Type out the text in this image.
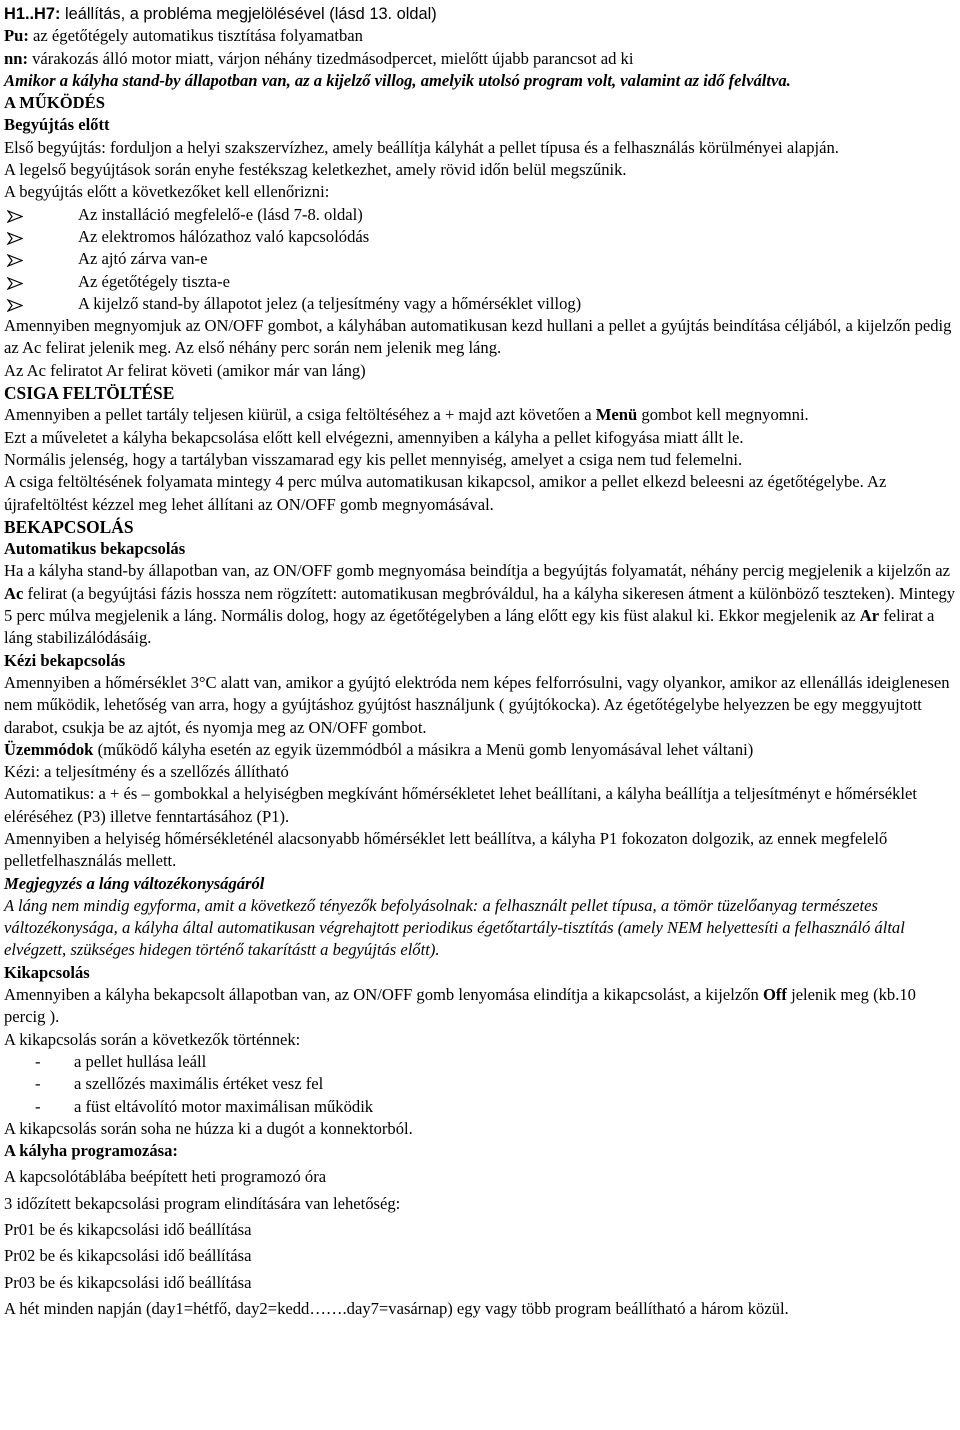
H1..H7: leállítás, a probléma megjelölésével (lásd 13. oldal)

Pu: az égetőtégely automatikus tisztítása folyamatban

nn: várakozás álló motor miatt, várjon néhány tizedmásodpercet, mielőtt újabb parancsot ad ki

Amikor a kályha stand-by állapotban van, az a kijelző villog, amelyik utolsó program volt, valamint az idő felváltva.

A MŰKÖDÉS

Begyújtás előtt

Első begyújtás: forduljon a helyi szakszervízhez, amely beállítja kályhát a pellet típusa és a felhasználás körülményei alapján.

A legelső begyújtások során enyhe festékszag keletkezhet, amely rövid időn belül megszűnik.

A begyújtás előtt a következőket kell ellenőrizni:

Az installáció megfelelő-e (lásd 7-8. oldal)

Az elektromos hálózathoz való kapcsolódás

Az ajtó zárva van-e

Az égetőtégely tiszta-e

A kijelző stand-by állapotot jelez (a teljesítmény vagy a hőmérséklet villog)

Amennyiben megnyomjuk az ON/OFF gombot, a kályhában automatikusan kezd hullani a pellet a gyújtás beindítása céljából, a kijelzőn pedig az Ac felirat jelenik meg. Az első néhány perc során nem jelenik meg láng.

Az Ac feliratot Ar felirat követi (amikor már van láng)

CSIGA FELTÖLTÉSE

Amennyiben a pellet tartály teljesen kiürül, a csiga feltöltéséhez a + majd azt követően a Menü gombot kell megnyomni.

Ezt a műveletet a kályha bekapcsolása előtt kell elvégezni, amennyiben a kályha a pellet kifogyása miatt állt le.

Normális jelenség, hogy a tartályban visszamarad egy kis pellet mennyiség, amelyet a csiga nem tud felemelni.

A csiga feltöltésének folyamata mintegy 4 perc múlva automatikusan kikapcsol, amikor a pellet elkezd beleesni az égetőtégelybe. Az újrafeltöltést kézzel meg lehet állítani az ON/OFF gomb megnyomásával.

BEKAPCSOLÁS

Automatikus bekapcsolás

Ha a kályha stand-by állapotban van, az ON/OFF gomb megnyomása beindítja a begyújtás folyamatát, néhány percig megjelenik a kijelzőn az Ac felirat (a begyújtási fázis hossza nem rögzített: automatikusan megbróváldul, ha a kályha sikeresen átment a különböző teszteken). Mintegy 5 perc múlva megjelenik a láng. Normális dolog, hogy az égetőtégelyben a láng előtt egy kis füst alakul ki. Ekkor megjelenik az Ar felirat a láng stabilizálódásáig.

Kézi bekapcsolás

Amennyiben a hőmérséklet 3°C alatt van, amikor a gyújtó elektróda nem képes felforrósulni, vagy olyankor, amikor az ellenállás ideiglenesen nem működik, lehetőség van arra, hogy a gyújtáshoz gyújtóst használjunk ( gyújtókocka). Az égetőtégelybe helyezzen be egy meggyujtott darabot, csukja be az ajtót, és nyomja meg az ON/OFF gombot.

Üzemmódok (működő kályha esetén az egyik üzemmódból a másikra a Menü gomb lenyomásával lehet váltani)

Kézi: a teljesítmény és a szellőzés állítható

Automatikus: a + és – gombokkal a helyiségben megkívánt hőmérsékletet lehet beállítani, a kályha beállítja a teljesítményt e hőmérséklet eléréséhez (P3) illetve fenntartásához (P1).

Amennyiben a helyiség hőmérsékleténél alacsonyabb hőmérséklet lett beállítva, a kályha P1 fokozaton dolgozik, az ennek megfelelő pelletfelhasználás mellett.

Megjegyzés a láng változékonyságáról

A láng nem mindig egyforma, amit a következő tényezők befolyásolnak: a felhasznált pellet típusa, a tömör tüzelőanyag természetes változékonysága, a kályha által automatikusan végrehajtott periodikus égetőtartály-tisztítás (amely NEM helyettesíti a felhasználó által elvégzett, szükséges hidegen történő takarítástt a begyújtás előtt).

Kikapcsolás

Amennyiben a kályha bekapcsolt állapotban van, az ON/OFF gomb lenyomása elindítja a kikapcsolást, a kijelzőn Off jelenik meg (kb.10 percig ).

A kikapcsolás során a következők történnek:

- a pellet hullása leáll

- a szellőzés maximális értéket vesz fel

- a füst eltávolító motor maximálisan működik

A kikapcsolás során soha ne húzza ki a dugót a konnektorból.

A kályha programozása:

A kapcsolótáblába beépített heti programozó óra

3 időzített bekapcsolási program elindítására van lehetőség:

Pr01 be és kikapcsolási idő beállítása

Pr02 be és kikapcsolási idő beállítása

Pr03 be és kikapcsolási idő beállítása

A hét minden napján (day1=hétfő, day2=kedd…….day7=vasárnap) egy vagy több program beállítható a három közül.
